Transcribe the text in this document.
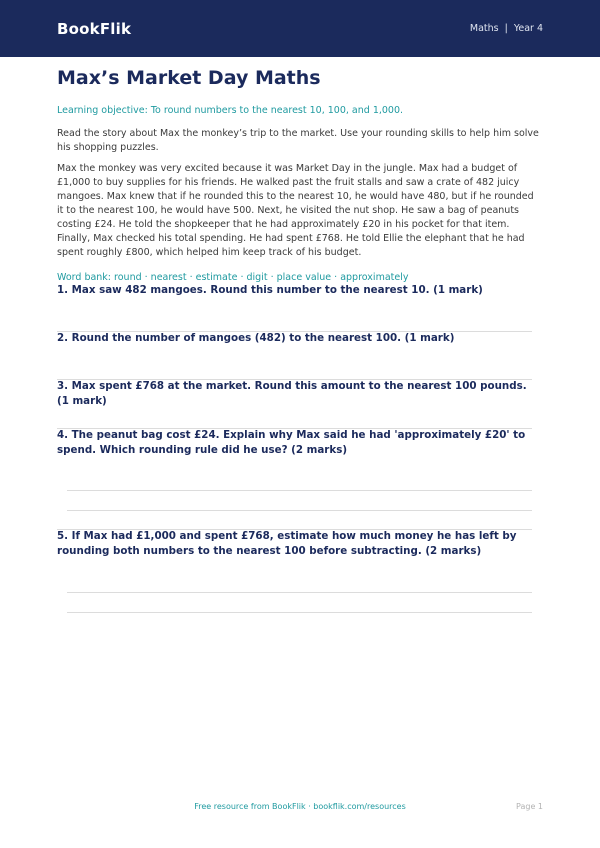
BookFlik	Maths | Year 4
Max’s Market Day Maths

Learning objective: To round numbers to the nearest 10, 100, and 1,000.

Read the story about Max the monkey’s trip to the market. Use your rounding skills to help him solve his shopping puzzles.

Max the monkey was very excited because it was Market Day in the jungle. Max had a budget of £1,000 to buy supplies for his friends. He walked past the fruit stalls and saw a crate of 482 juicy mangoes. Max knew that if he rounded this to the nearest 10, he would have 480, but if he rounded it to the nearest 100, he would have 500. Next, he visited the nut shop. He saw a bag of peanuts costing £24. He told the shopkeeper that he had approximately £20 in his pocket for that item. Finally, Max checked his total spending. He had spent £768. He told Ellie the elephant that he had spent roughly £800, which helped him keep track of his budget.

Word bank: round · nearest · estimate · digit · place value · approximately

1. Max saw 482 mangoes. Round this number to the nearest 10. (1 mark)
2. Round the number of mangoes (482) to the nearest 100. (1 mark)
3. Max spent £768 at the market. Round this amount to the nearest 100 pounds. (1 mark)
4. The peanut bag cost £24. Explain why Max said he had 'approximately £20' to spend. Which rounding rule did he use? (2 marks)
5. If Max had £1,000 and spent £768, estimate how much money he has left by rounding both numbers to the nearest 100 before subtracting. (2 marks)
Free resource from BookFlik · bookflik.com/resources	Page 1
